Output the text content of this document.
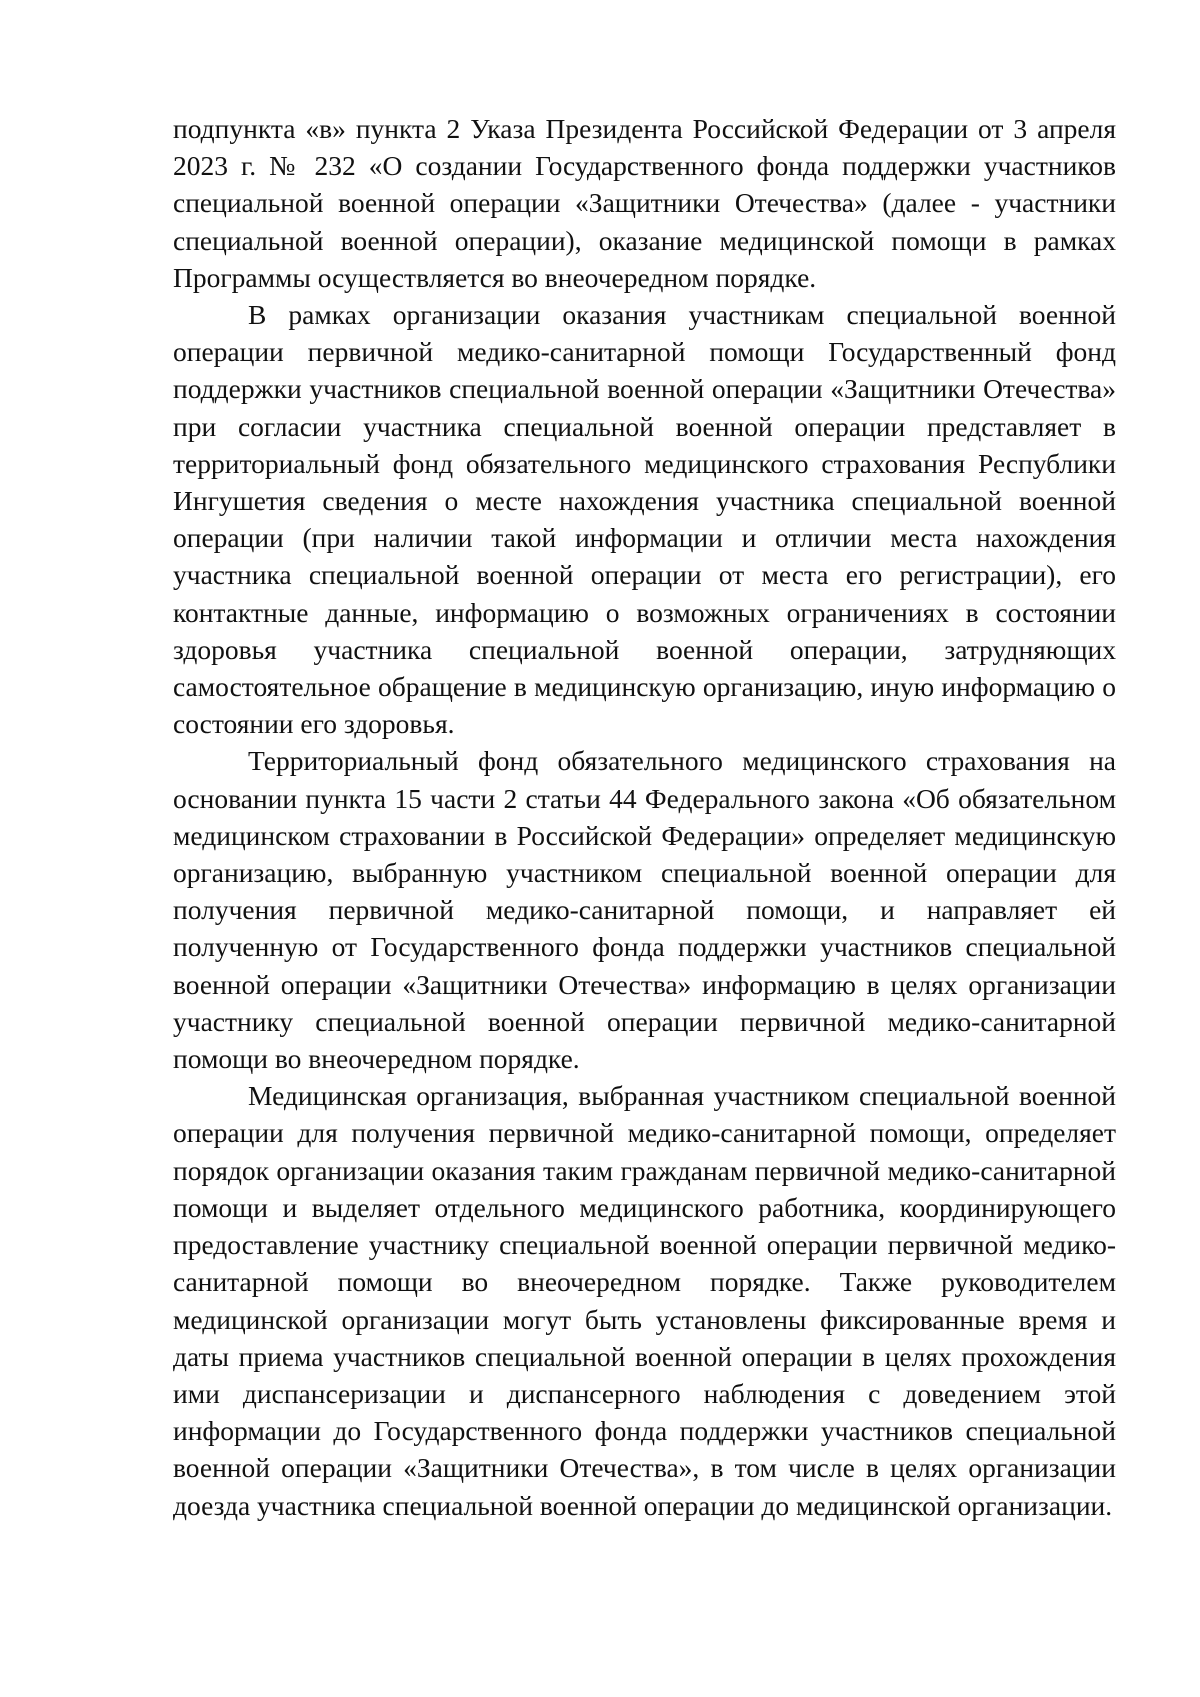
подпункта «в» пункта 2 Указа Президента Российской Федерации от 3 апреля 2023 г. № 232 «О создании Государственного фонда поддержки участников специальной военной операции «Защитники Отечества» (далее - участники специальной военной операции), оказание медицинской помощи в рамках Программы осуществляется во внеочередном порядке.

В рамках организации оказания участникам специальной военной операции первичной медико-санитарной помощи Государственный фонд поддержки участников специальной военной операции «Защитники Отечества» при согласии участника специальной военной операции представляет в территориальный фонд обязательного медицинского страхования Республики Ингушетия сведения о месте нахождения участника специальной военной операции (при наличии такой информации и отличии места нахождения участника специальной военной операции от места его регистрации), его контактные данные, информацию о возможных ограничениях в состоянии здоровья участника специальной военной операции, затрудняющих самостоятельное обращение в медицинскую организацию, иную информацию о состоянии его здоровья.

Территориальный фонд обязательного медицинского страхования на основании пункта 15 части 2 статьи 44 Федерального закона «Об обязательном медицинском страховании в Российской Федерации» определяет медицинскую организацию, выбранную участником специальной военной операции для получения первичной медико-санитарной помощи, и направляет ей полученную от Государственного фонда поддержки участников специальной военной операции «Защитники Отечества» информацию в целях организации участнику специальной военной операции первичной медико-санитарной помощи во внеочередном порядке.

Медицинская организация, выбранная участником специальной военной операции для получения первичной медико-санитарной помощи, определяет порядок организации оказания таким гражданам первичной медико-санитарной помощи и выделяет отдельного медицинского работника, координирующего предоставление участнику специальной военной операции первичной медико-санитарной помощи во внеочередном порядке. Также руководителем медицинской организации могут быть установлены фиксированные время и даты приема участников специальной военной операции в целях прохождения ими диспансеризации и диспансерного наблюдения с доведением этой информации до Государственного фонда поддержки участников специальной военной операции «Защитники Отечества», в том числе в целях организации доезда участника специальной военной операции до медицинской организации.
